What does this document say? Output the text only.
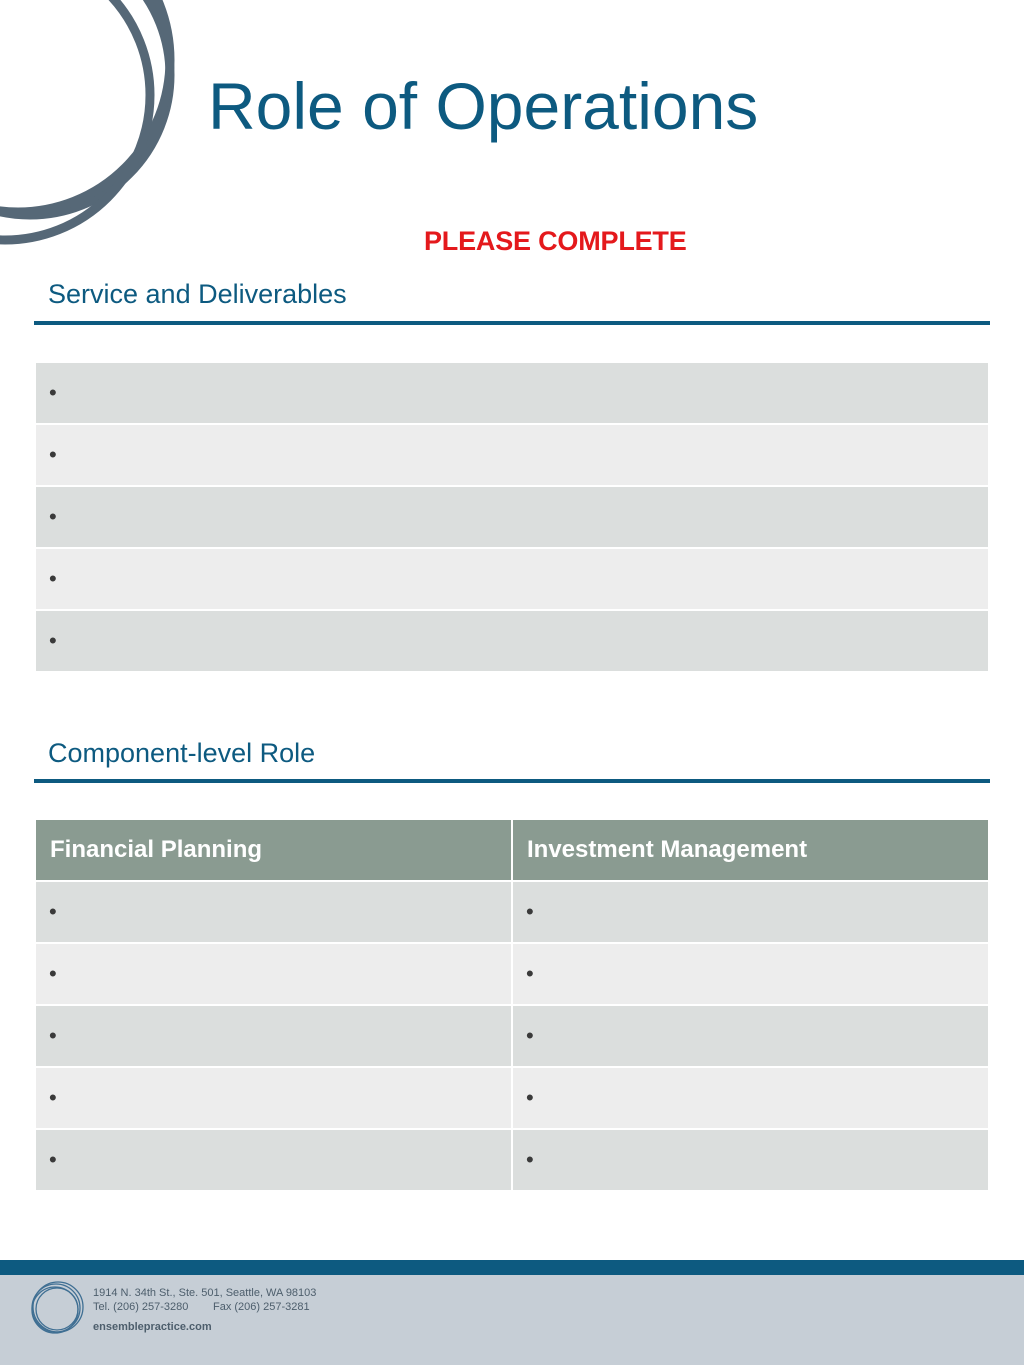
Role of Operations
PLEASE COMPLETE
Service and Deliverables
•
•
•
•
•
Component-level Role
Financial Planning	Investment Management
•	•
•	•
•	•
•	•
•	•
1914 N. 34th St., Ste. 501, Seattle, WA 98103
Tel. (206) 257-3280 Fax (206) 257-3281
ensemblepractice.com
